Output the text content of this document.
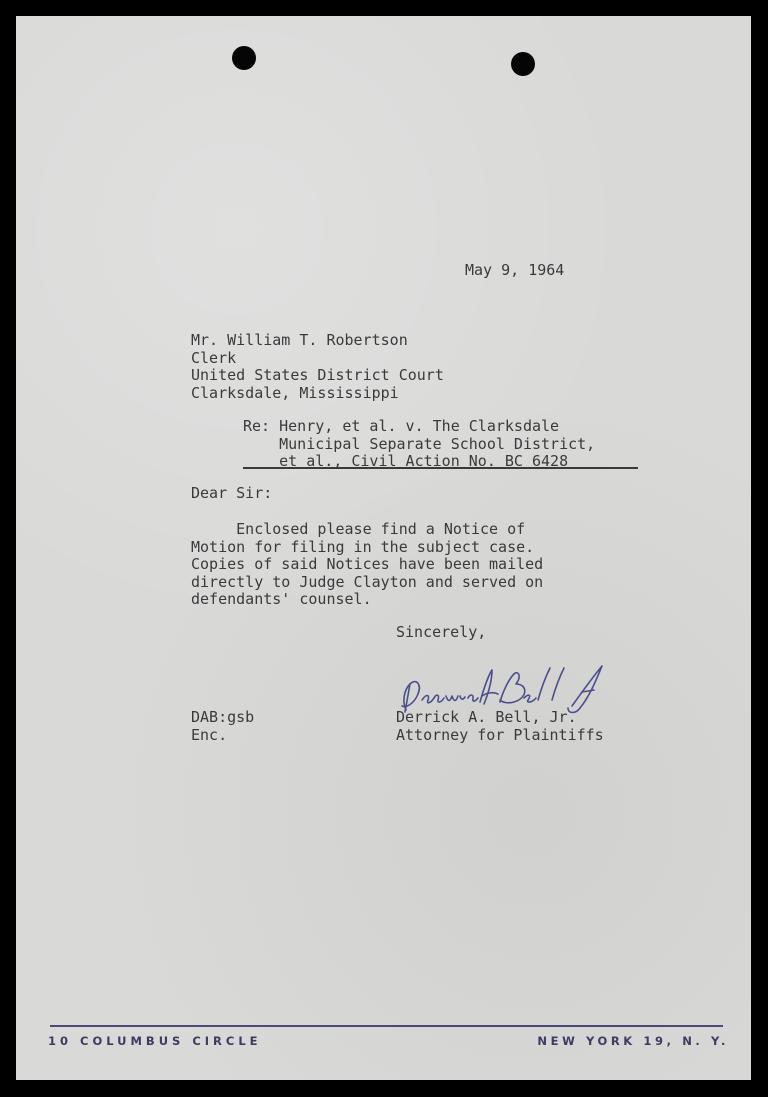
May 9, 1964

Mr. William T. Robertson
Clerk
United States District Court
Clarksdale, Mississippi
Re: Henry, et al. v. The Clarksdale
Municipal Separate School District,
et al., Civil Action No. BC 6428

Dear Sir:

Enclosed please find a Notice of
Motion for filing in the subject case.
Copies of said Notices have been mailed
directly to Judge Clayton and served on
defendants' counsel.

Sincerely,

Derrick A. Bell, Jr.
Attorney for Plaintiffs
DAB:gsb
Enc.
10 COLUMBUS CIRCLE	NEW YORK 19, N. Y.
